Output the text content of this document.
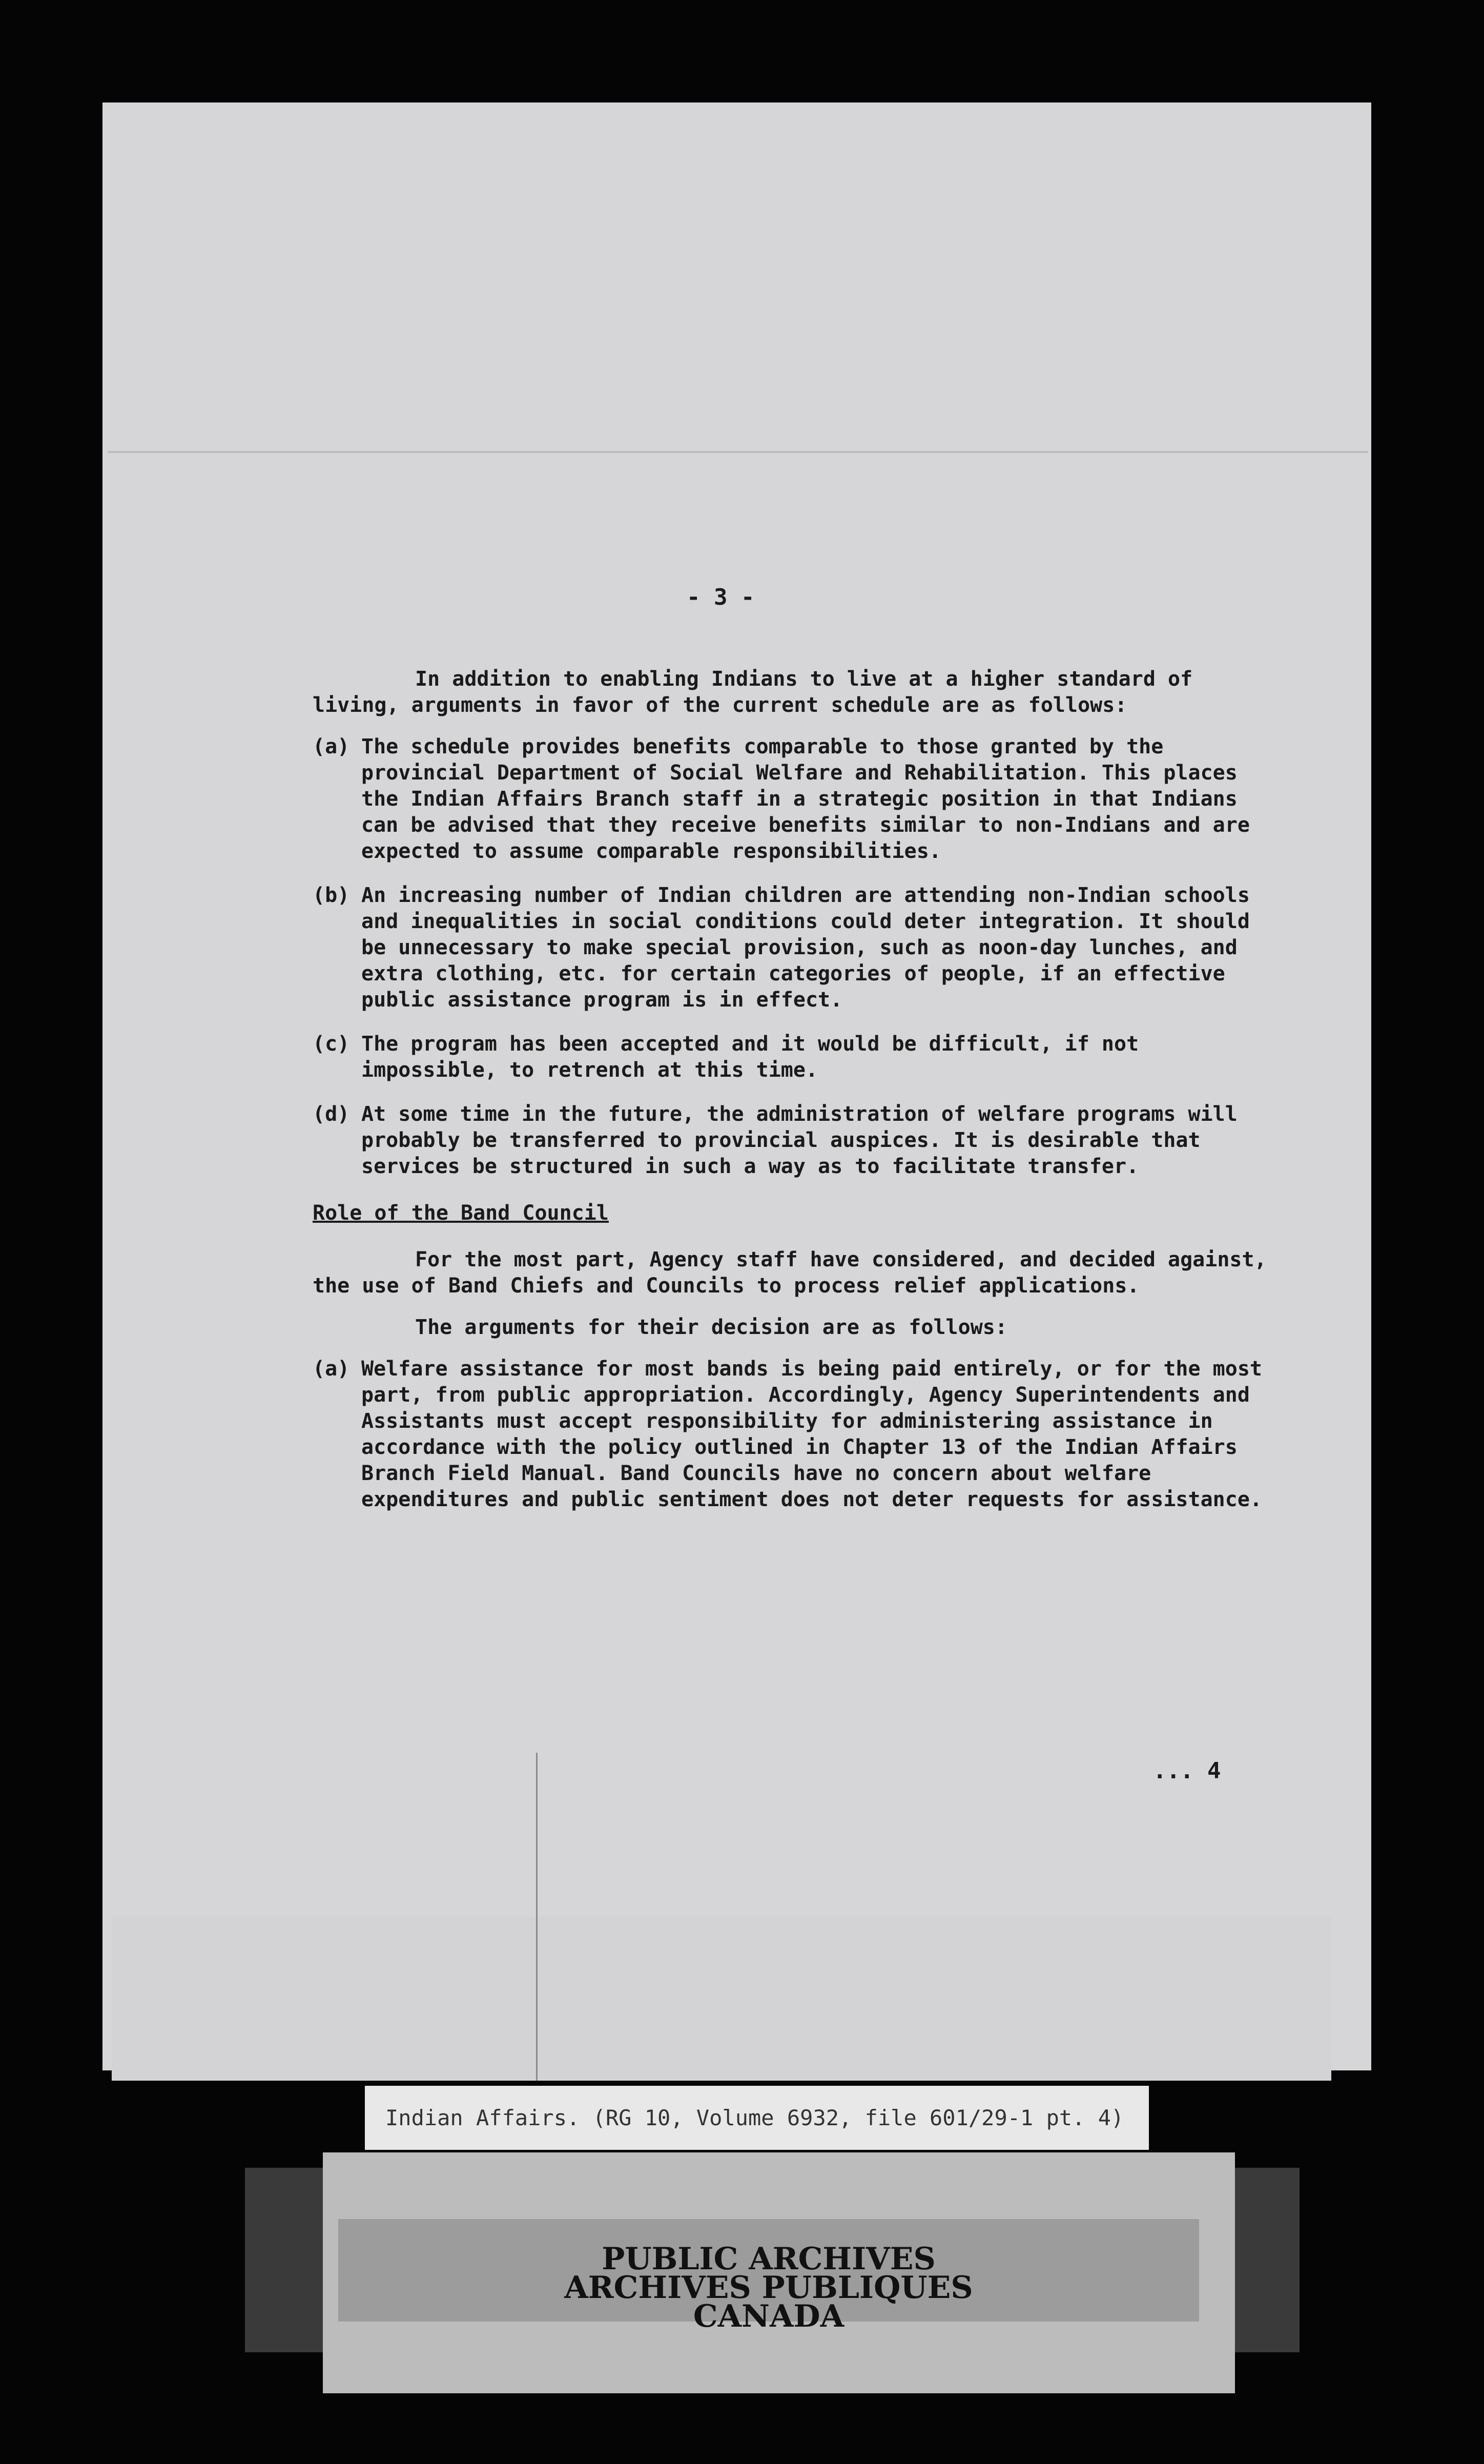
- 3 -

In addition to enabling Indians to live at a higher standard of living, arguments in favor of the current schedule are as follows:

(a) The schedule provides benefits comparable to those granted by the provincial Department of Social Welfare and Rehabilitation. This places the Indian Affairs Branch staff in a strategic position in that Indians can be advised that they receive benefits similar to non-Indians and are expected to assume comparable responsibilities.
(b) An increasing number of Indian children are attending non-Indian schools and inequalities in social conditions could deter integration. It should be unnecessary to make special provision, such as noon-day lunches, and extra clothing, etc. for certain categories of people, if an effective public assistance program is in effect.
(c) The program has been accepted and it would be difficult, if not impossible, to retrench at this time.
(d) At some time in the future, the administration of welfare programs will probably be transferred to provincial auspices. It is desirable that services be structured in such a way as to facilitate transfer.
Role of the Band Council

For the most part, Agency staff have considered, and decided against, the use of Band Chiefs and Councils to process relief applications.

The arguments for their decision are as follows:

(a) Welfare assistance for most bands is being paid entirely, or for the most part, from public appropriation. Accordingly, Agency Superintendents and Assistants must accept responsibility for administering assistance in accordance with the policy outlined in Chapter 13 of the Indian Affairs Branch Field Manual. Band Councils have no concern about welfare expenditures and public sentiment does not deter requests for assistance.
... 4
Indian Affairs. (RG 10, Volume 6932, file 601/29-1 pt. 4)
PUBLIC ARCHIVES
ARCHIVES PUBLIQUES
CANADA
